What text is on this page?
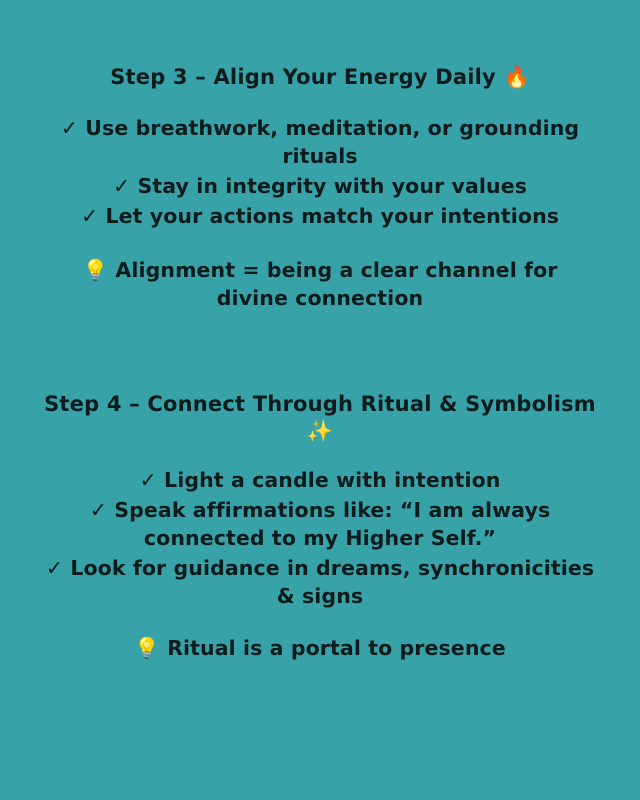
Step 3 – Align Your Energy Daily 🔥

✓ Use breathwork, meditation, or grounding rituals

✓ Stay in integrity with your values

✓ Let your actions match your intentions

💡 Alignment = being a clear channel for divine connection

Step 4 – Connect Through Ritual & Symbolism ✨

✓ Light a candle with intention

✓ Speak affirmations like: “I am always connected to my Higher Self.”

✓ Look for guidance in dreams, synchronicities & signs

💡 Ritual is a portal to presence
